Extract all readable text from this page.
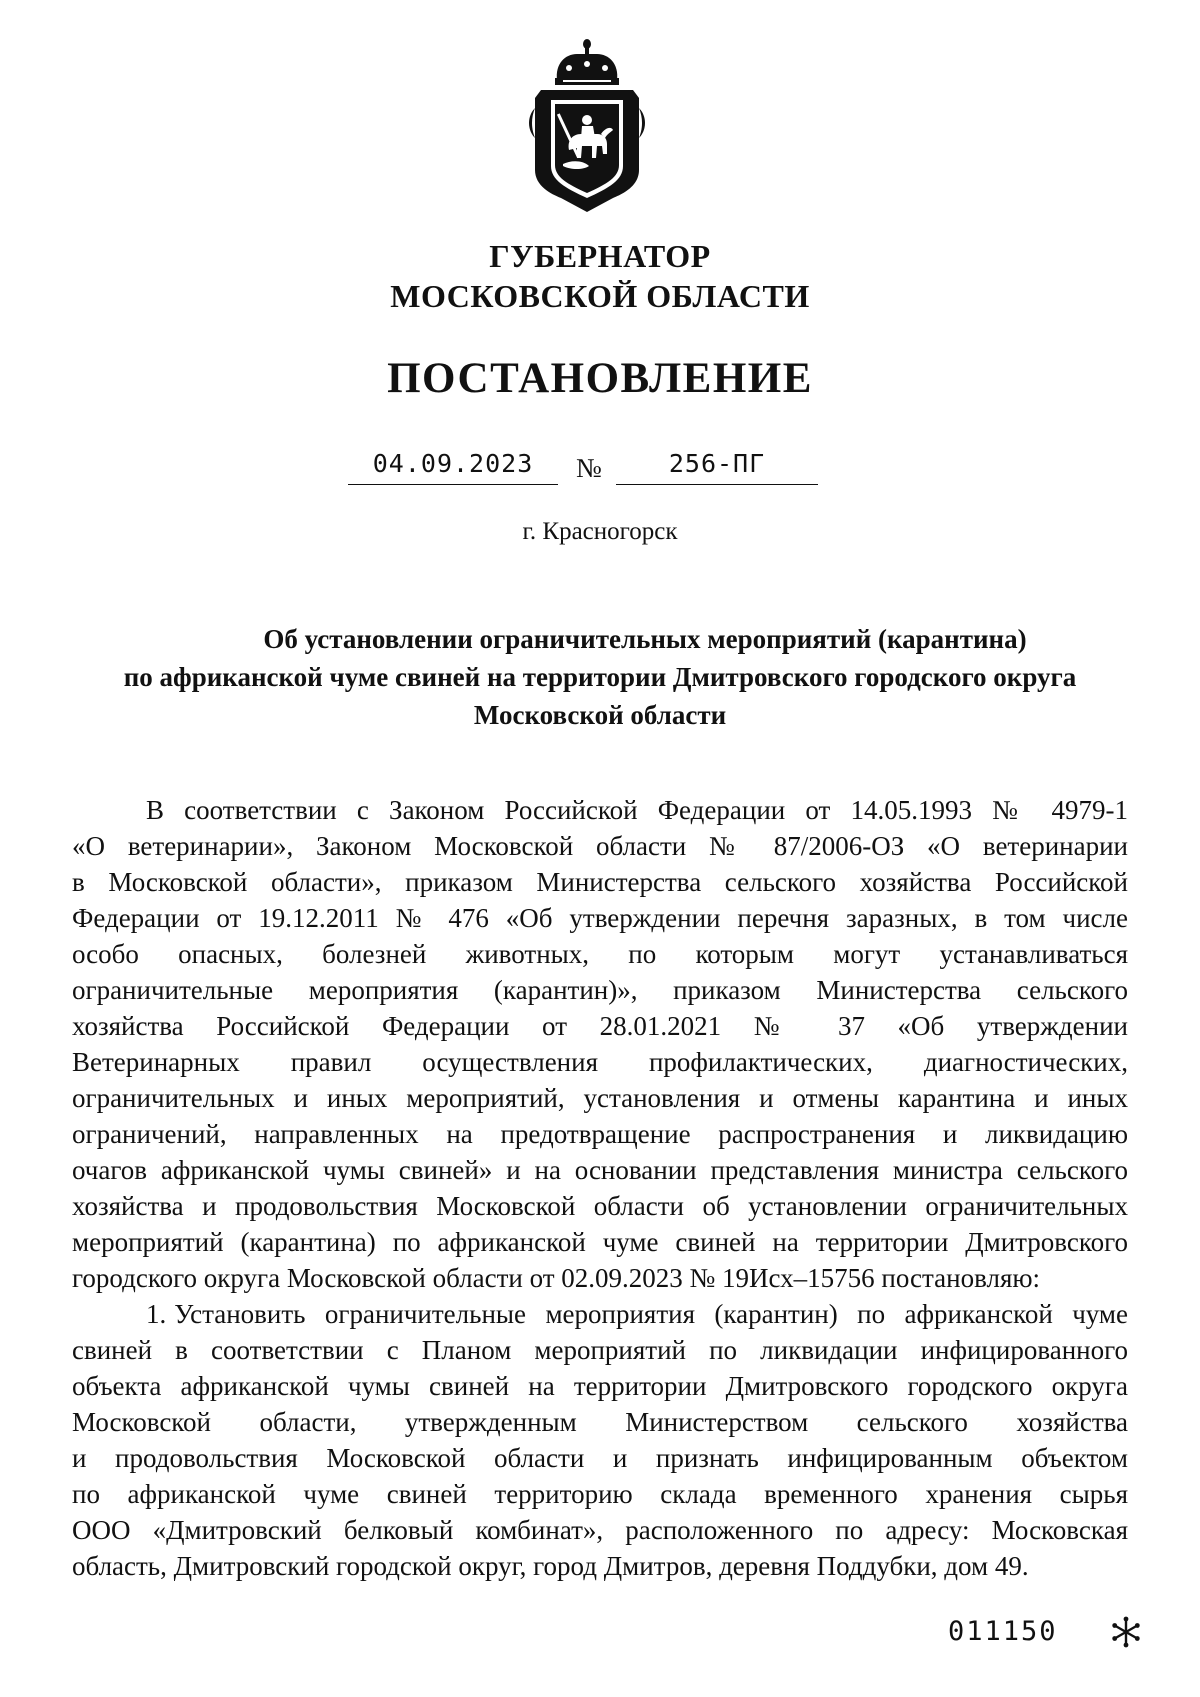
ГУБЕРНАТОР
МОСКОВСКОЙ ОБЛАСТИ
ПОСТАНОВЛЕНИЕ
04.09.2023	№	256-ПГ
г. Красногорск
Об установлении ограничительных мероприятий (карантина)
по африканской чуме свиней на территории Дмитровского городского округа
Московской области
В соответствии с Законом Российской Федерации от 14.05.1993 № 4979-1
«О ветеринарии», Законом Московской области № 87/2006-ОЗ «О ветеринарии
в Московской области», приказом Министерства сельского хозяйства Российской
Федерации от 19.12.2011 № 476 «Об утверждении перечня заразных, в том числе
особо опасных, болезней животных, по которым могут устанавливаться
ограничительные мероприятия (карантин)», приказом Министерства сельского
хозяйства Российской Федерации от 28.01.2021 № 37 «Об утверждении
Ветеринарных правил осуществления профилактических, диагностических,
ограничительных и иных мероприятий, установления и отмены карантина и иных
ограничений, направленных на предотвращение распространения и ликвидацию
очагов африканской чумы свиней» и на основании представления министра сельского
хозяйства и продовольствия Московской области об установлении ограничительных
мероприятий (карантина) по африканской чуме свиней на территории Дмитровского
городского округа Московской области от 02.09.2023 № 19Исх–15756 постановляю:
1. Установить ограничительные мероприятия (карантин) по африканской чуме
свиней в соответствии с Планом мероприятий по ликвидации инфицированного
объекта африканской чумы свиней на территории Дмитровского городского округа
Московской области, утвержденным Министерством сельского хозяйства
и продовольствия Московской области и признать инфицированным объектом
по африканской чуме свиней территорию склада временного хранения сырья
ООО «Дмитровский белковый комбинат», расположенного по адресу: Московская
область, Дмитровский городской округ, город Дмитров, деревня Поддубки, дом 49.
011150
